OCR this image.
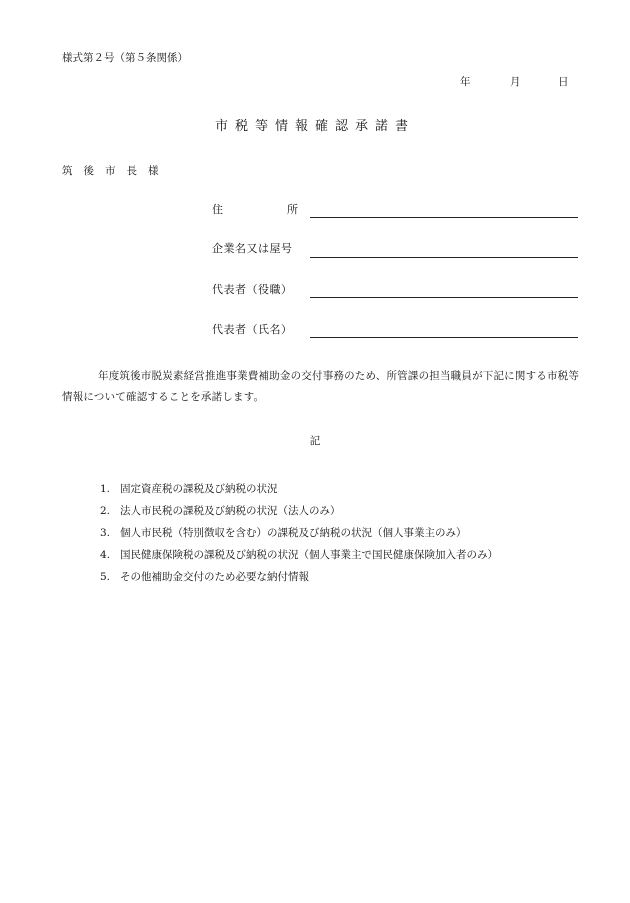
様式第２号（第５条関係）
年	月	日
市税等情報確認承諾書
筑後市長様
住	所
企業名又は屋号
代表者（役職）
代表者（氏名）
年度筑後市脱炭素経営推進事業費補助金の交付事務のため、所管課の担当職員が下記に関する市税等情報について確認することを承諾します。
記
1. 固定資産税の課税及び納税の状況
2. 法人市民税の課税及び納税の状況（法人のみ）
3. 個人市民税（特別徴収を含む）の課税及び納税の状況（個人事業主のみ）
4. 国民健康保険税の課税及び納税の状況（個人事業主で国民健康保険加入者のみ）
5. その他補助金交付のため必要な納付情報
